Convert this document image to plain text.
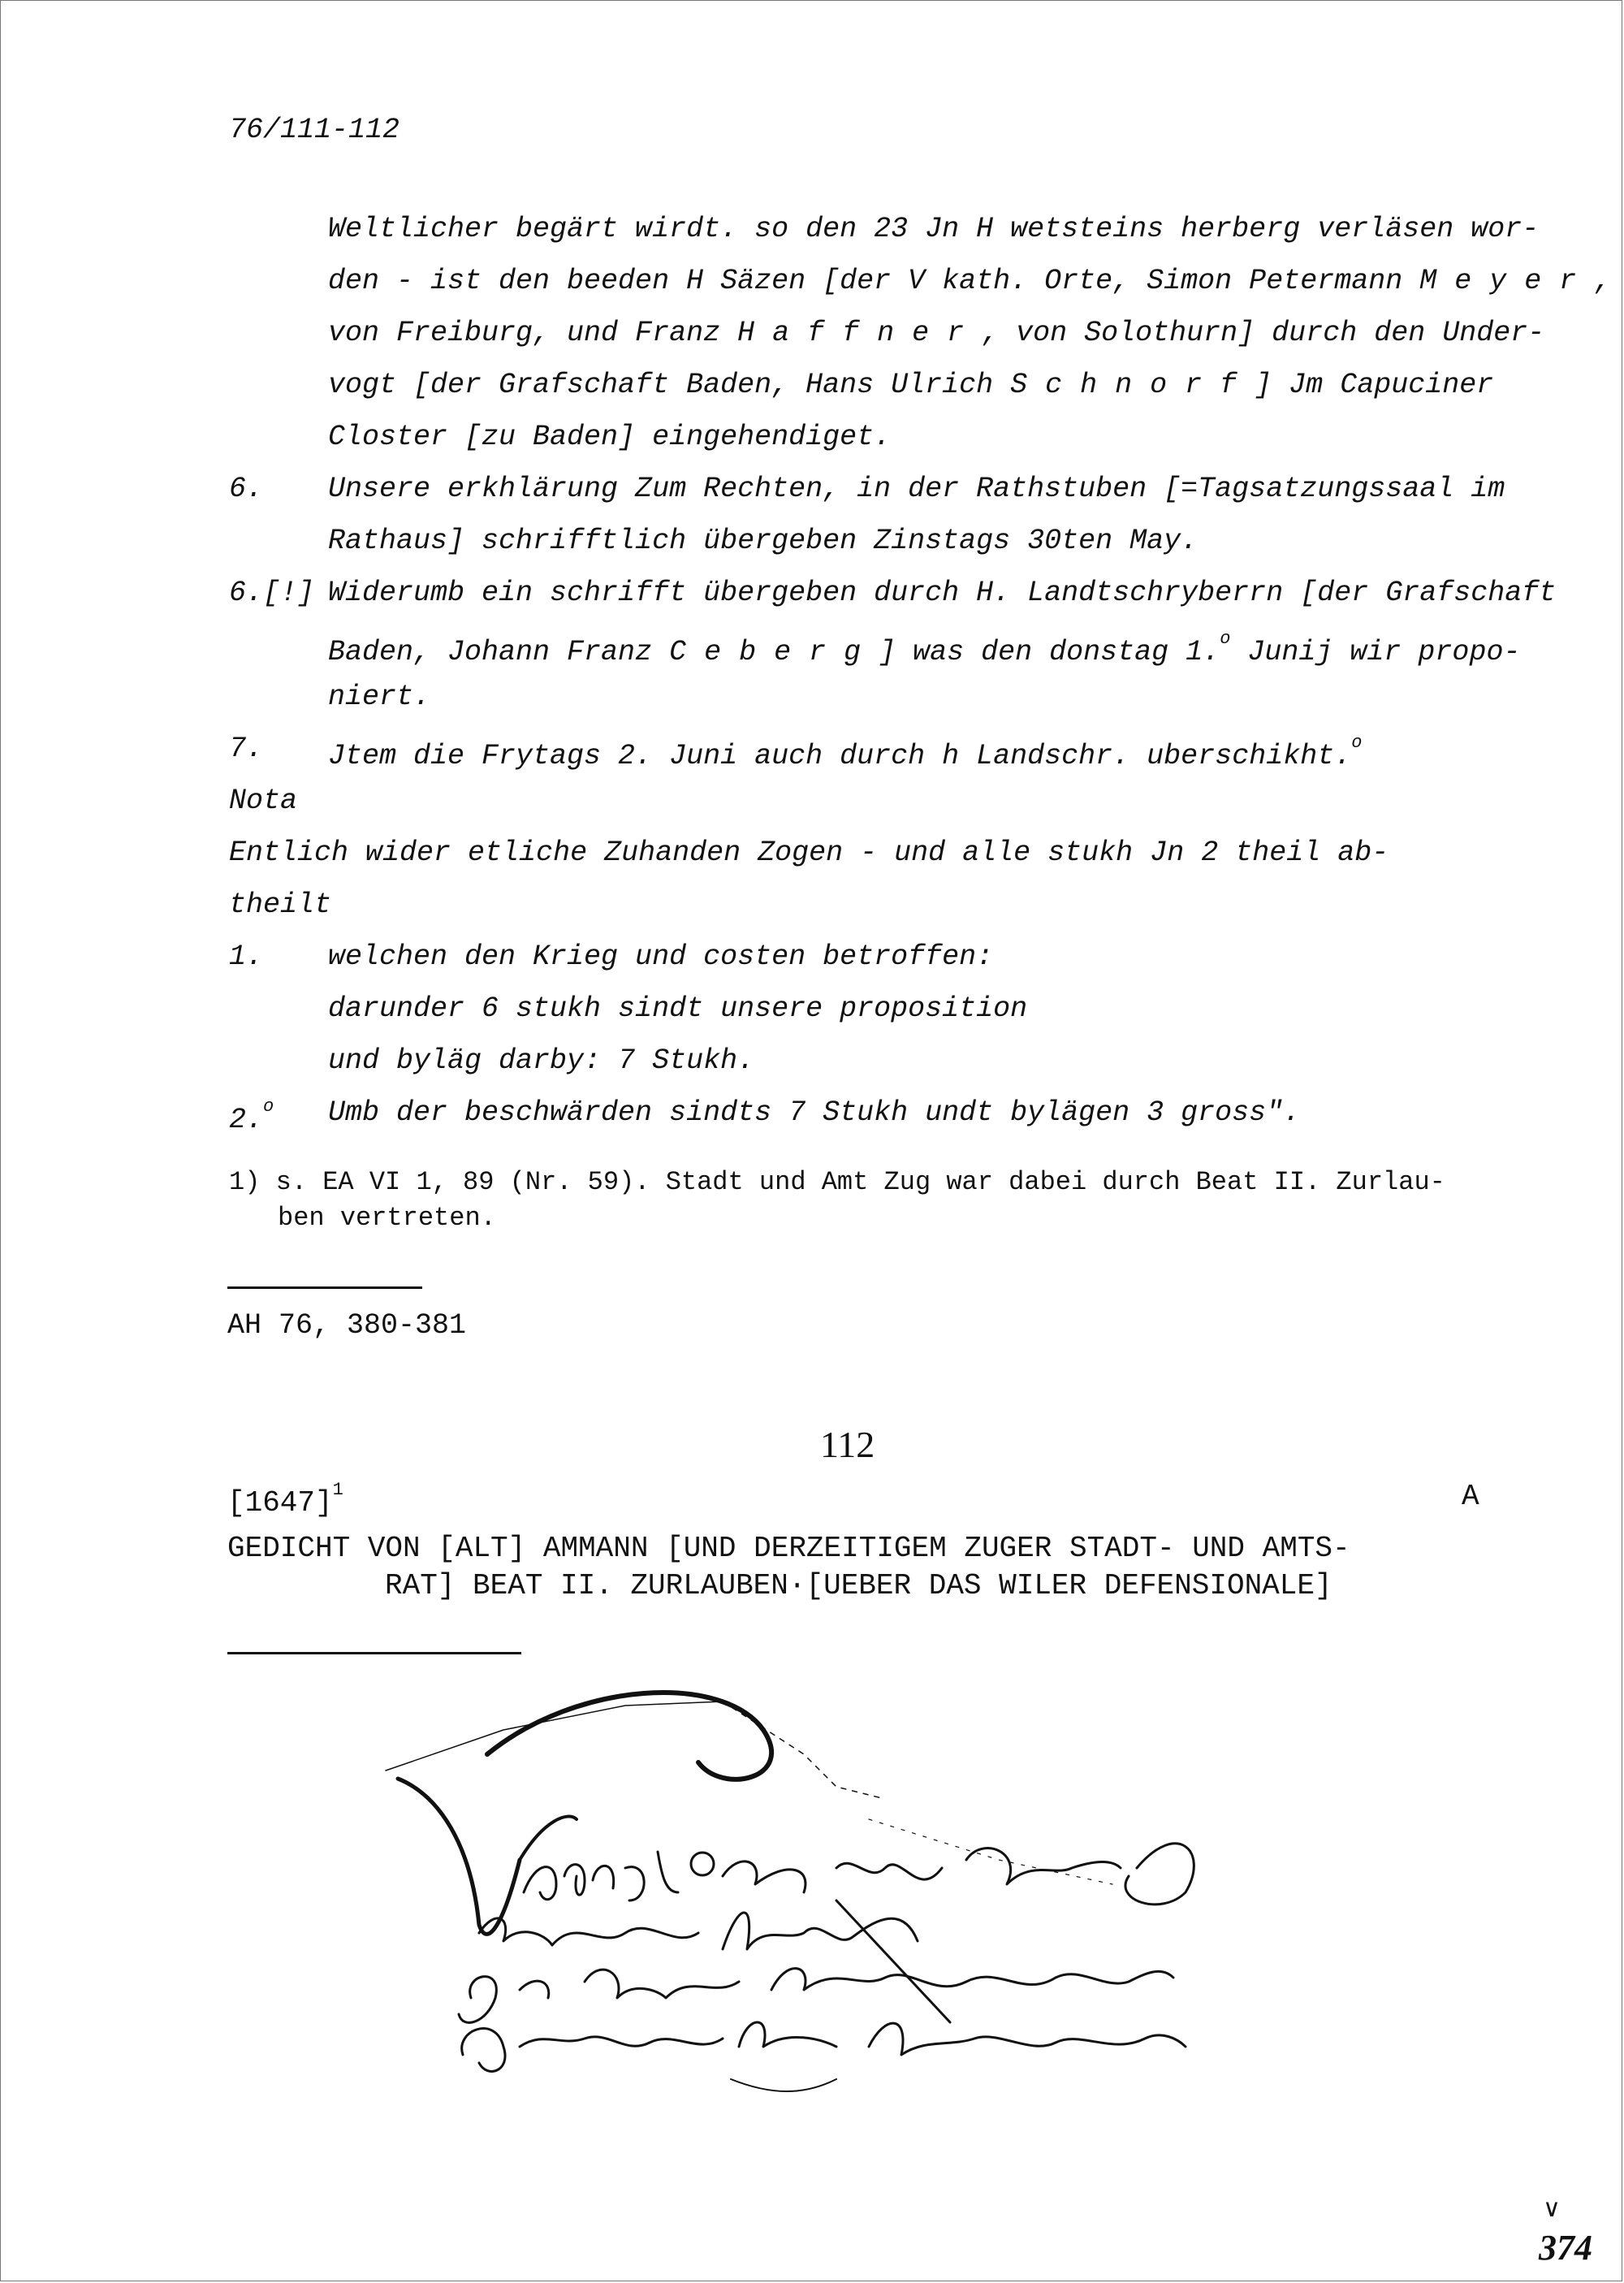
76/111-112
Weltlicher begärt wirdt. so den 23 Jn H wetsteins herberg verläsen wor-
den - ist den beeden H Säzen [der V kath. Orte, Simon Petermann Meyer,
von Freiburg, und Franz Haffner, von Solothurn] durch den Under-
vogt [der Grafschaft Baden, Hans Ulrich Schnorf] Jm Capuciner
Closter [zu Baden] eingehendiget.
Unsere erkhlärung Zum Rechten, in der Rathstuben [=Tagsatzungssaal im
6.
Rathaus] schrifftlich übergeben Zinstags 30ten May.
Widerumb ein schrifft übergeben durch H. Landtschryberrn [der Grafschaft
6.[!]
Baden, Johann Franz Ceberg] was den donstag 1.$^o$ Junij wir propo-
niert.
Jtem die Frytags 2. Juni auch durch h Landschr. uberschikht.$^o$
7.
Nota
Entlich wider etliche Zuhanden Zogen - und alle stukh Jn 2 theil ab-
theilt
welchen den Krieg und costen betroffen:
1.
darunder 6 stukh sindt unsere proposition
und byläg darby: 7 Stukh.
Umb der beschwärden sindts 7 Stukh undt bylägen 3 gross".
2.$^o$
1) s. EA VI 1, 89 (Nr. 59). Stadt und Amt Zug war dabei durch Beat II. Zurlau-
ben vertreten.
AH 76, 380-381
112
$[1647]^1$	A
GEDICHT VON [ALT] AMMANN [UND DERZEITIGEM ZUGER STADT- UND AMTS-
RAT] BEAT II. ZURLAUBEN·[UEBER DAS WILER DEFENSIONALE]
∨
374
